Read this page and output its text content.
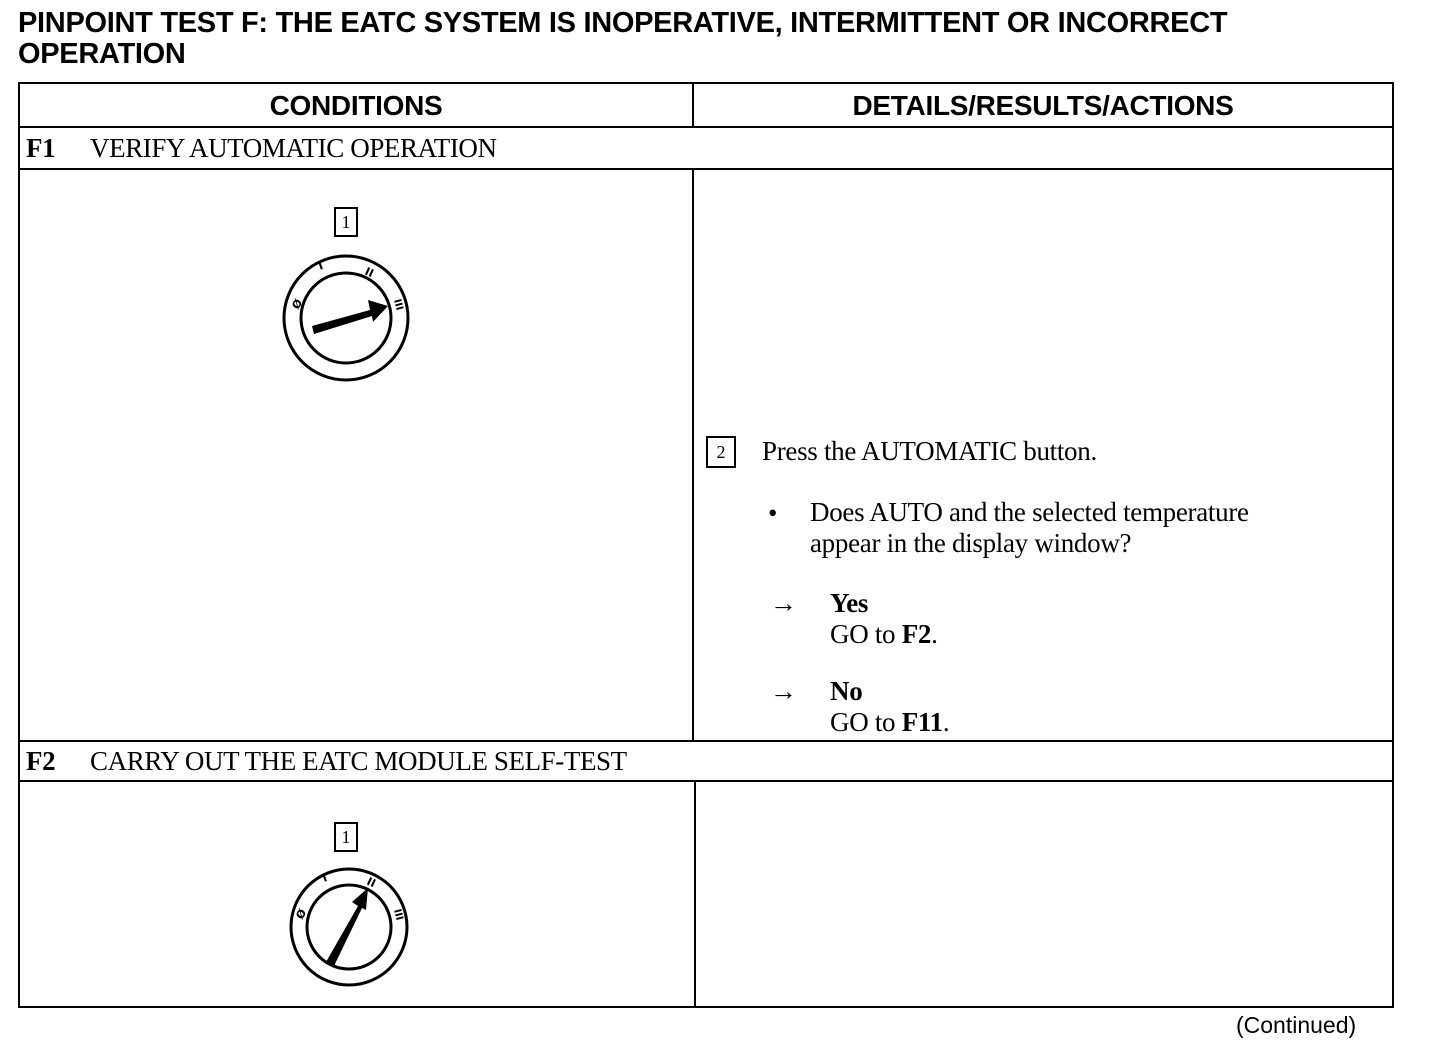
PINPOINT TEST F: THE EATC SYSTEM IS INOPERATIVE, INTERMITTENT OR INCORRECT OPERATION
CONDITIONS	DETAILS/RESULTS/ACTIONS
F1	VERIFY AUTOMATIC OPERATION
1
Ø
I	II
III
2	Press the AUTOMATIC button.
• Does AUTO and the selected temperature
appear in the display window?
→ Yes
GO to F2.
→ No
GO to F11.
F2	CARRY OUT THE EATC MODULE SELF-TEST
1
Ø
I	II
III
(Continued)
